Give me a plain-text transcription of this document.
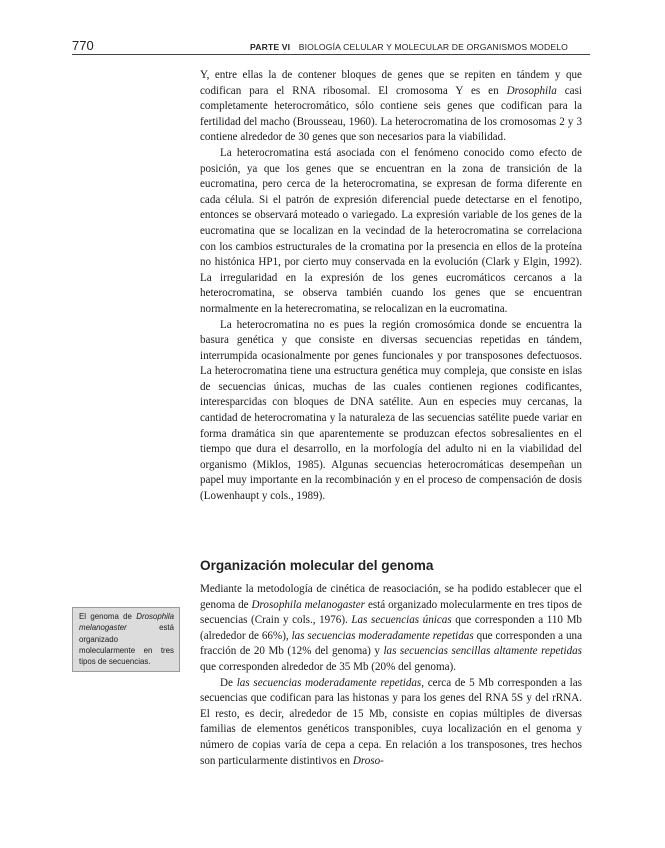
770	PARTE VI BIOLOGÍA CELULAR Y MOLECULAR DE ORGANISMOS MODELO

Y, entre ellas la de contener bloques de genes que se repiten en tándem y que codifican para el RNA ribosomal. El cromosoma Y es en Drosophila casi completamente heterocromático, sólo contiene seis genes que codifican para la fertilidad del macho (Brousseau, 1960). La heterocromatina de los cromosomas 2 y 3 contiene alrededor de 30 genes que son necesarios para la viabilidad.

La heterocromatina está asociada con el fenómeno conocido como efecto de posición, ya que los genes que se encuentran en la zona de transición de la eucromatina, pero cerca de la heterocromatina, se expresan de forma diferente en cada célula. Si el patrón de expresión diferencial puede detectarse en el fenotipo, entonces se observará moteado o variegado. La expresión variable de los genes de la eucromatina que se localizan en la vecindad de la heterocromatina se correlaciona con los cambios estructurales de la cromatina por la presencia en ellos de la proteína no histónica HP1, por cierto muy conservada en la evolución (Clark y Elgin, 1992). La irregularidad en la expresión de los genes eucromáticos cercanos a la heterocromatina, se observa también cuando los genes que se encuentran normalmente en la heterecromatina, se relocalizan en la eucromatina.

La heterocromatina no es pues la región cromosómica donde se encuentra la basura genética y que consiste en diversas secuencias repetidas en tándem, interrumpida ocasionalmente por genes funcionales y por transposones defectuosos. La heterocromatina tiene una estructura genética muy compleja, que consiste en islas de secuencias únicas, muchas de las cuales contienen regiones codificantes, interesparcidas con bloques de DNA satélite. Aun en especies muy cercanas, la cantidad de heterocromatina y la naturaleza de las secuencias satélite puede variar en forma dramática sin que aparentemente se produzcan efectos sobresalientes en el tiempo que dura el desarrollo, en la morfología del adulto ni en la viabilidad del organismo (Miklos, 1985). Algunas secuencias heterocromáticas desempeñan un papel muy importante en la recombinación y en el proceso de compensación de dosis (Lowenhaupt y cols., 1989).

Organización molecular del genoma

Mediante la metodología de cinética de reasociación, se ha podido establecer que el genoma de Drosophila melanogaster está organizado molecularmente en tres tipos de secuencias (Crain y cols., 1976). Las secuencias únicas que corresponden a 110 Mb (alrededor de 66%), las secuencias moderadamente repetidas que corresponden a una fracción de 20 Mb (12% del genoma) y las secuencias sencillas altamente repetidas que corresponden alrededor de 35 Mb (20% del genoma).

De las secuencias moderadamente repetidas, cerca de 5 Mb corresponden a las secuencias que codifican para las histonas y para los genes del RNA 5S y del rRNA. El resto, es decir, alrededor de 15 Mb, consiste en copias múltiples de diversas familias de elementos genéticos transponibles, cuya localización en el genoma y número de copias varía de cepa a cepa. En relación a los transposones, tres hechos son particularmente distintivos en Droso-

El genoma de Drosophila melanogaster está organizado molecularmente en tres tipos de secuencias.
